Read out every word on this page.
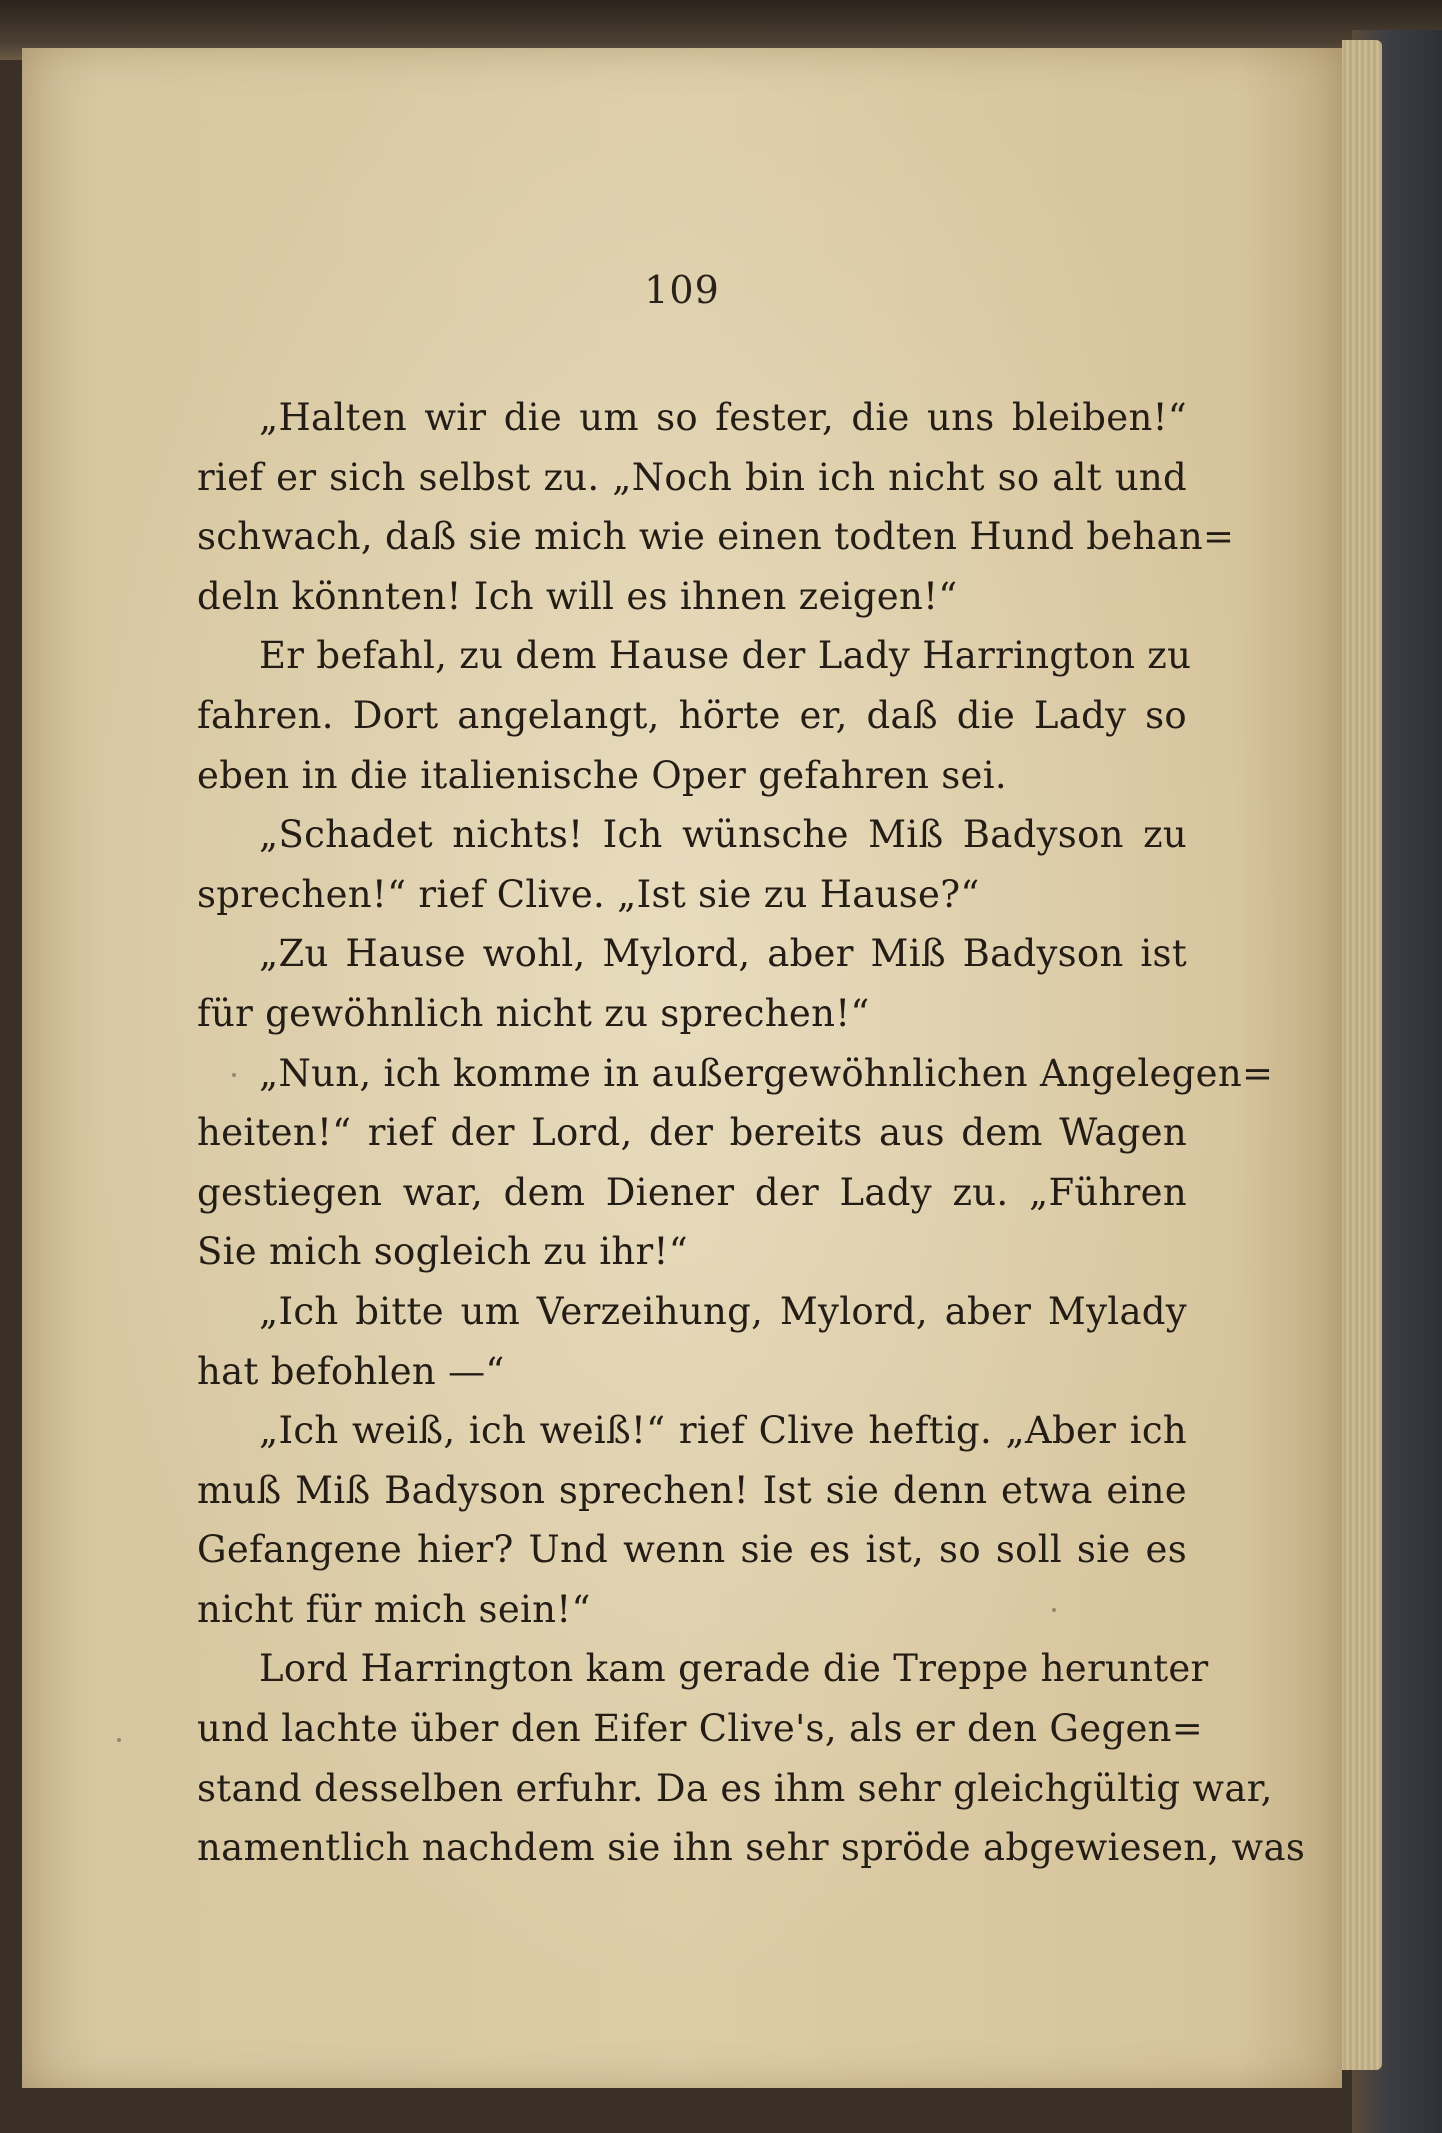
109
„Halten wir die um so fester, die uns bleiben!“
rief er sich selbst zu. „Noch bin ich nicht so alt und
schwach, daß sie mich wie einen todten Hund behan=
deln könnten! Ich will es ihnen zeigen!“
Er befahl, zu dem Hause der Lady Harrington zu
fahren. Dort angelangt, hörte er, daß die Lady so
eben in die italienische Oper gefahren sei.
„Schadet nichts! Ich wünsche Miß Badyson zu
sprechen!“ rief Clive. „Ist sie zu Hause?“
„Zu Hause wohl, Mylord, aber Miß Badyson ist
für gewöhnlich nicht zu sprechen!“
„Nun, ich komme in außergewöhnlichen Angelegen=
heiten!“ rief der Lord, der bereits aus dem Wagen
gestiegen war, dem Diener der Lady zu. „Führen
Sie mich sogleich zu ihr!“
„Ich bitte um Verzeihung, Mylord, aber Mylady
hat befohlen —“
„Ich weiß, ich weiß!“ rief Clive heftig. „Aber ich
muß Miß Badyson sprechen! Ist sie denn etwa eine
Gefangene hier? Und wenn sie es ist, so soll sie es
nicht für mich sein!“
Lord Harrington kam gerade die Treppe herunter
und lachte über den Eifer Clive's, als er den Gegen=
stand desselben erfuhr. Da es ihm sehr gleichgültig war,
namentlich nachdem sie ihn sehr spröde abgewiesen, was
